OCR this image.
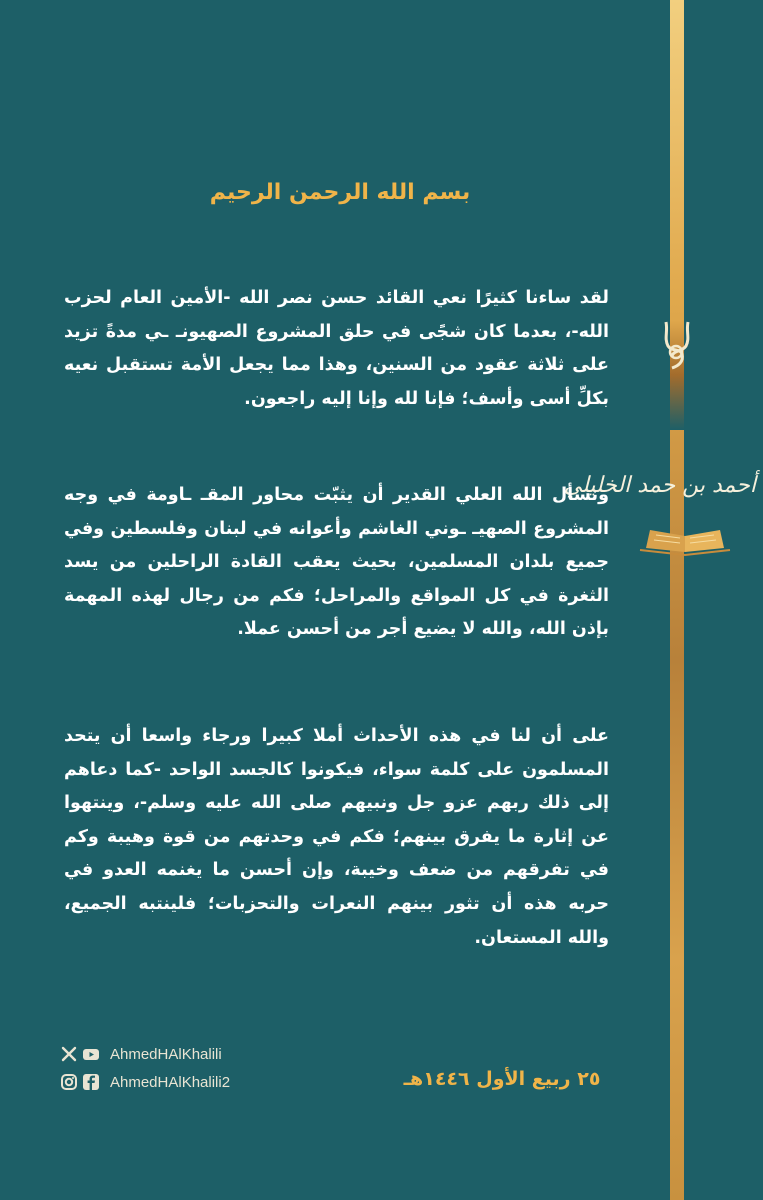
أحمد بن حمد الخليلي
بسم الله الرحمن الرحيم
لقد ساءنا كثيرًا نعي القائد حسن نصر الله -الأمين العام لحزب الله-، بعدما كان شجًى في حلق المشروع الصهيونـ ـي مدةً تزيد على ثلاثة عقود من السنين، وهذا مما يجعل الأمة تستقبل نعيه بكلِّ أسى وأسف؛ فإنا لله وإنا إليه راجعون.
ونسأل الله العلي القدير أن يثبّت محاور المقـ ـاومة في وجه المشروع الصهيـ ـوني الغاشم وأعوانه في لبنان وفلسطين وفي جميع بلدان المسلمين، بحيث يعقب القادة الراحلين من يسد الثغرة في كل المواقع والمراحل؛ فكم من رجال لهذه المهمة بإذن الله، والله لا يضيع أجر من أحسن عملا.
على أن لنا في هذه الأحداث أملا كبيرا ورجاء واسعا أن يتحد المسلمون على كلمة سواء، فيكونوا كالجسد الواحد -كما دعاهم إلى ذلك ربهم عزو جل ونبيهم صلى الله عليه وسلم-، وينتهوا عن إثارة ما يفرق بينهم؛ فكم في وحدتهم من قوة وهيبة وكم في تفرقهم من ضعف وخيبة، وإن أحسن ما يغنمه العدو في حربه هذه أن تثور بينهم النعرات والتحزبات؛ فلينتبه الجميع، والله المستعان.
AhmedHAlKhalili
AhmedHAlKhalili2	٢٥ ربيع الأول ١٤٤٦هـ
